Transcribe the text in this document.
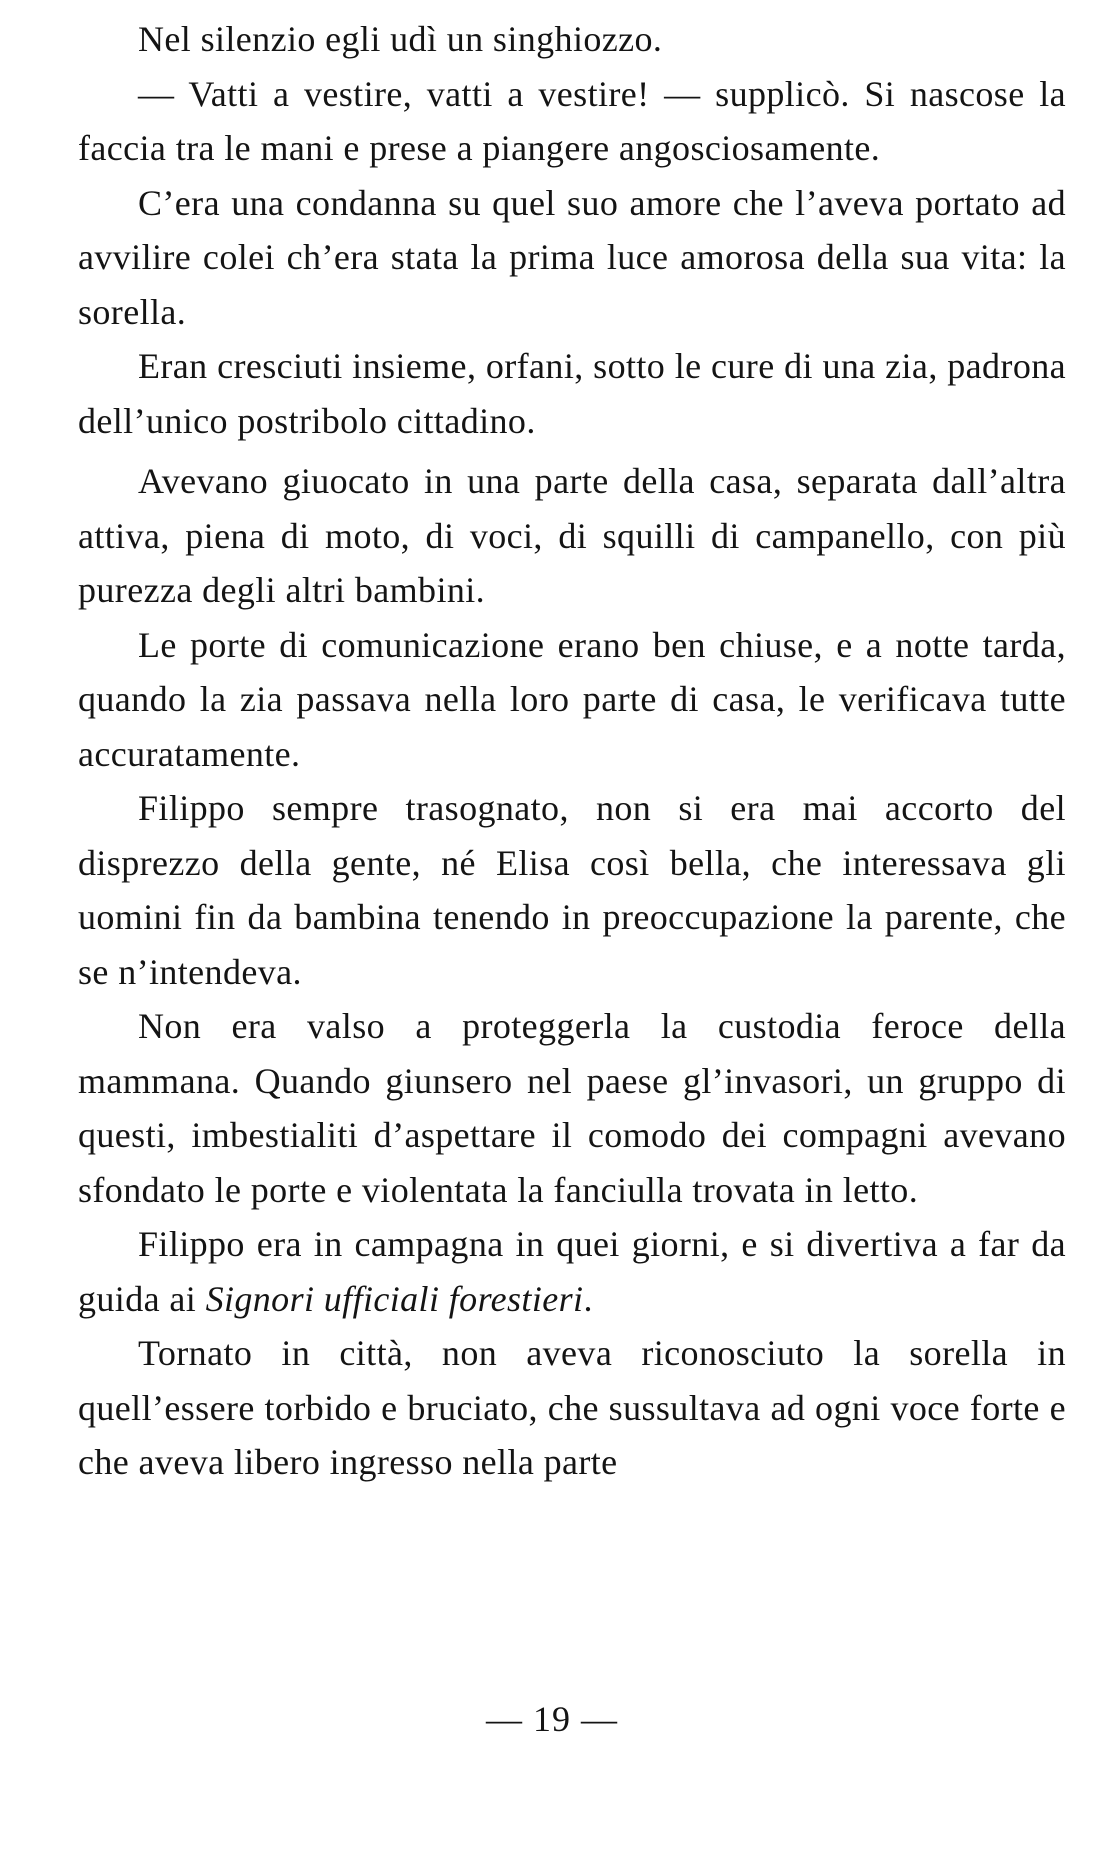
Nel silenzio egli udì un singhiozzo.

— Vatti a vestire, vatti a vestire! — supplicò. Si nascose la faccia tra le mani e prese a piangere angosciosamente.

C’era una condanna su quel suo amore che l’aveva portato ad avvilire colei ch’era stata la prima luce amorosa della sua vita: la sorella.

Eran cresciuti insieme, orfani, sotto le cure di una zia, padrona dell’unico postribolo cittadino.

Avevano giuocato in una parte della casa, separata dall’altra attiva, piena di moto, di voci, di squilli di campanello, con più purezza degli altri bambini.

Le porte di comunicazione erano ben chiuse, e a notte tarda, quando la zia passava nella loro parte di casa, le verificava tutte accuratamente.

Filippo sempre trasognato, non si era mai accorto del disprezzo della gente, né Elisa così bella, che interessava gli uomini fin da bambina tenendo in preoccupazione la parente, che se n’intendeva.

Non era valso a proteggerla la custodia feroce della mammana. Quando giunsero nel paese gl’invasori, un gruppo di questi, imbestialiti d’aspettare il comodo dei compagni avevano sfondato le porte e violentata la fanciulla trovata in letto.

Filippo era in campagna in quei giorni, e si divertiva a far da guida ai Signori ufficiali forestieri.

Tornato in città, non aveva riconosciuto la sorella in quell’essere torbido e bruciato, che sussultava ad ogni voce forte e che aveva libero ingresso nella parte

— 19 —
